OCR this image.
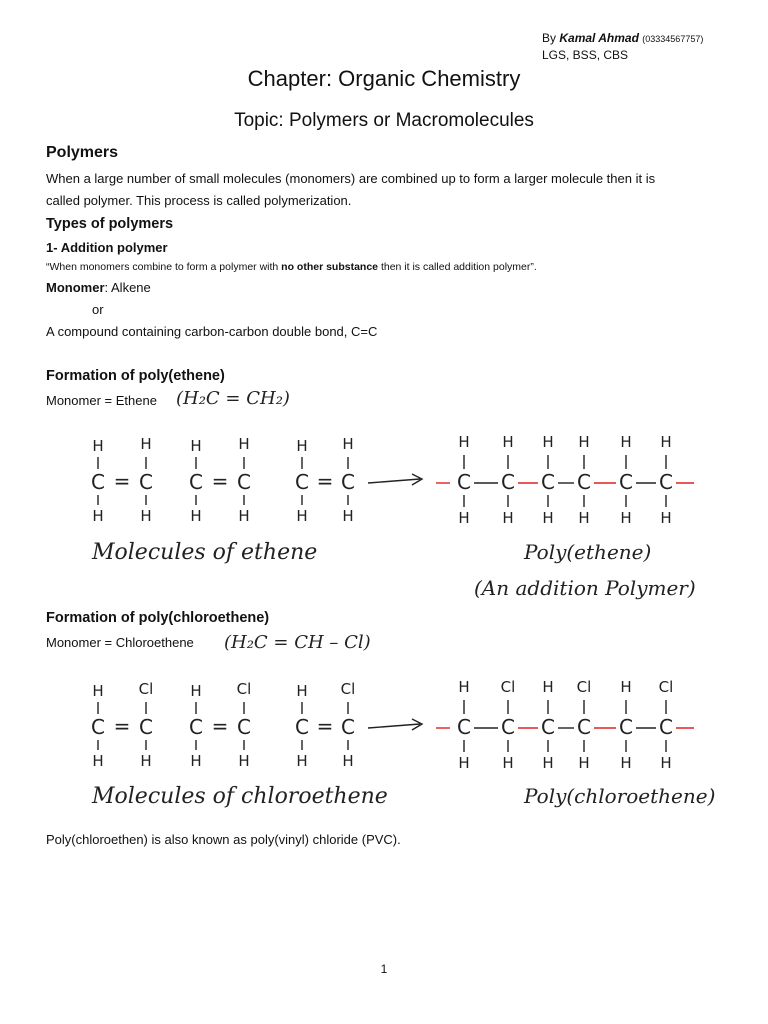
By Kamal Ahmad (03334567757)
LGS, BSS, CBS
Chapter: Organic Chemistry
Topic: Polymers or Macromolecules
Polymers
When a large number of small molecules (monomers) are combined up to form a larger molecule then it is
called polymer. This process is called polymerization.
Types of polymers
1- Addition polymer
“When monomers combine to form a polymer with no other substance then it is called addition polymer”.
Monomer: Alkene
or
A compound containing carbon-carbon double bond, C=C
Formation of poly(ethene)
Monomer = Ethene	(H₂C = CH₂)
H H
C = C
H H
H H
C = C
H H
H H
C = C
H H
H
C
H
H
C
H
H
C
H
H
C
H
H
C
H
H
C
H
Molecules of ethene	Poly(ethene)
(An addition Polymer)
Formation of poly(chloroethene)
Monomer = Chloroethene	(H₂C = CH – Cl)
H Cl
C = C
H H
H Cl
C = C
H H
H Cl
C = C
H H
H
C
H
Cl
C
H
H
C
H
Cl
C
H
H
C
H
Cl
C
H
Molecules of chloroethene	Poly(chloroethene)
Poly(chloroethen) is also known as poly(vinyl) chloride (PVC).
1
